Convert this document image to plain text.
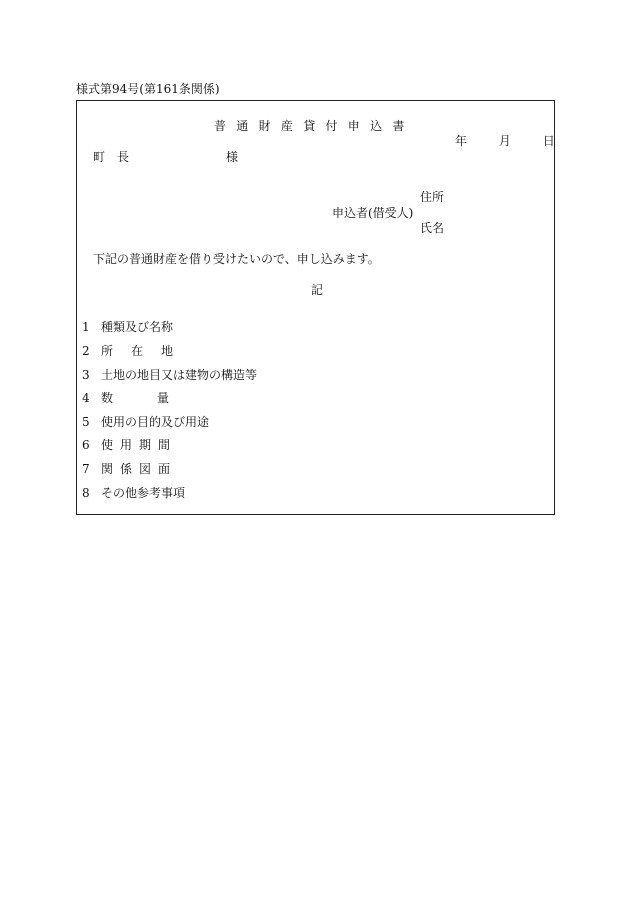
様式第94号(第161条関係)
普通財産貸付申込書
年	月	日
町　長	様
住所
申込者(借受人)
氏名
下記の普通財産を借り受けたいので、申し込みます。
記
1 種類及び名称
2 所在地
3 土地の地目又は建物の構造等
4 数量
5 使用の目的及び用途
6 使用期間
7 関係図面
8 その他参考事項
